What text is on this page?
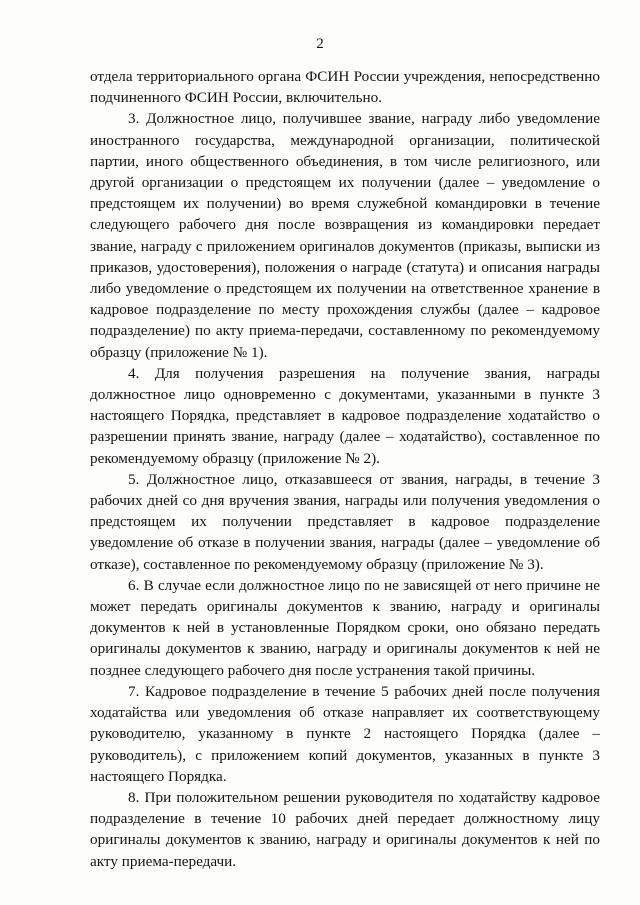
2

отдела территориального органа ФСИН России учреждения, непосредственно подчиненного ФСИН России, включительно.

3. Должностное лицо, получившее звание, награду либо уведомление иностранного государства, международной организации, политической партии, иного общественного объединения, в том числе религиозного, или другой организации о предстоящем их получении (далее – уведомление о предстоящем их получении) во время служебной командировки в течение следующего рабочего дня после возвращения из командировки передает звание, награду с приложением оригиналов документов (приказы, выписки из приказов, удостоверения), положения о награде (статута) и описания награды либо уведомление о предстоящем их получении на ответственное хранение в кадровое подразделение по месту прохождения службы (далее – кадровое подразделение) по акту приема-передачи, составленному по рекомендуемому образцу (приложение № 1).

4. Для получения разрешения на получение звания, награды должностное лицо одновременно с документами, указанными в пункте 3 настоящего Порядка, представляет в кадровое подразделение ходатайство о разрешении принять звание, награду (далее – ходатайство), составленное по рекомендуемому образцу (приложение № 2).

5. Должностное лицо, отказавшееся от звания, награды, в течение 3 рабочих дней со дня вручения звания, награды или получения уведомления о предстоящем их получении представляет в кадровое подразделение уведомление об отказе в получении звания, награды (далее – уведомление об отказе), составленное по рекомендуемому образцу (приложение № 3).

6. В случае если должностное лицо по не зависящей от него причине не может передать оригиналы документов к званию, награду и оригиналы документов к ней в установленные Порядком сроки, оно обязано передать оригиналы документов к званию, награду и оригиналы документов к ней не позднее следующего рабочего дня после устранения такой причины.

7. Кадровое подразделение в течение 5 рабочих дней после получения ходатайства или уведомления об отказе направляет их соответствующему руководителю, указанному в пункте 2 настоящего Порядка (далее – руководитель), с приложением копий документов, указанных в пункте 3 настоящего Порядка.

8. При положительном решении руководителя по ходатайству кадровое подразделение в течение 10 рабочих дней передает должностному лицу оригиналы документов к званию, награду и оригиналы документов к ней по акту приема-передачи.
